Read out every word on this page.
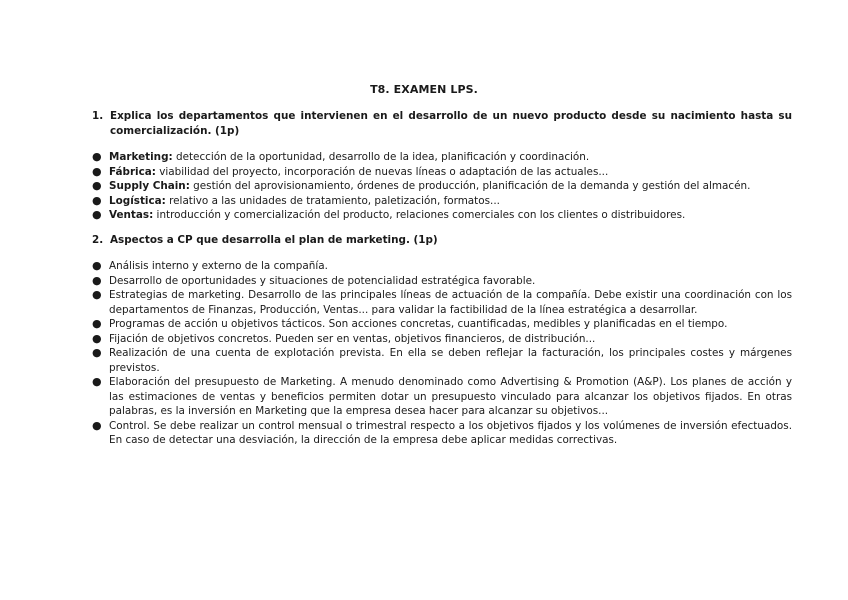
T8. EXAMEN LPS.
1. Explica los departamentos que intervienen en el desarrollo de un nuevo producto desde su nacimiento hasta su comercialización. (1p)
● Marketing: detección de la oportunidad, desarrollo de la idea, planificación y coordinación.
● Fábrica: viabilidad del proyecto, incorporación de nuevas líneas o adaptación de las actuales...
● Supply Chain: gestión del aprovisionamiento, órdenes de producción, planificación de la demanda y gestión del almacén.
● Logística: relativo a las unidades de tratamiento, paletización, formatos...
● Ventas: introducción y comercialización del producto, relaciones comerciales con los clientes o distribuidores.
2. Aspectos a CP que desarrolla el plan de marketing. (1p)
● Análisis interno y externo de la compañía.
● Desarrollo de oportunidades y situaciones de potencialidad estratégica favorable.
● Estrategias de marketing. Desarrollo de las principales líneas de actuación de la compañía. Debe existir una coordinación con los departamentos de Finanzas, Producción, Ventas... para validar la factibilidad de la línea estratégica a desarrollar.
● Programas de acción u objetivos tácticos. Son acciones concretas, cuantificadas, medibles y planificadas en el tiempo.
● Fijación de objetivos concretos. Pueden ser en ventas, objetivos financieros, de distribución...
● Realización de una cuenta de explotación prevista. En ella se deben reflejar la facturación, los principales costes y márgenes previstos.
● Elaboración del presupuesto de Marketing. A menudo denominado como Advertising & Promotion (A&P). Los planes de acción y las estimaciones de ventas y beneficios permiten dotar un presupuesto vinculado para alcanzar los objetivos fijados. En otras palabras, es la inversión en Marketing que la empresa desea hacer para alcanzar su objetivos...
● Control. Se debe realizar un control mensual o trimestral respecto a los objetivos fijados y los volúmenes de inversión efectuados. En caso de detectar una desviación, la dirección de la empresa debe aplicar medidas correctivas.
